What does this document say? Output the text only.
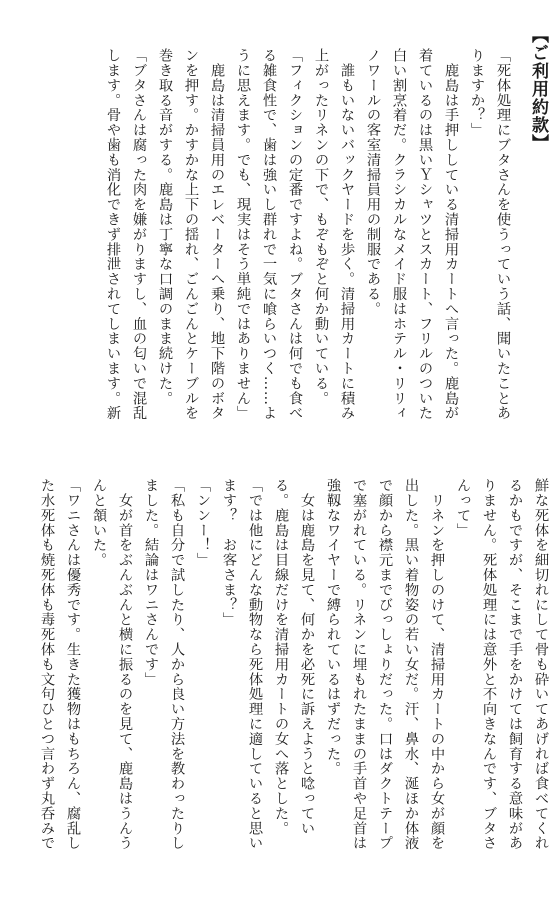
【ご利用約款】
「死体処理にブタさんを使うっていう話、聞いたことあ
りますか？」
　鹿島は手押ししている清掃用カートへ言った。鹿島が
着ているのは黒いＹシャツとスカート、フリルのついた
白い割烹着だ。クラシカルなメイド服はホテル・リリィ
ノワールの客室清掃員用の制服である。
　誰もいないバックヤードを歩く。清掃用カートに積み
上がったリネンの下で、もぞもぞと何か動いている。
「フィクションの定番ですよね。ブタさんは何でも食べ
る雑食性で、歯は強いし群れで一気に喰らいつく……よ
うに思えます。でも、現実はそう単純ではありません」
　鹿島は清掃員用のエレベーターへ乗り、地下階のボタ
ンを押す。かすかな上下の揺れ、ごんごんとケーブルを
巻き取る音がする。鹿島は丁寧な口調のまま続けた。
「ブタさんは腐った肉を嫌がりますし、血の匂いで混乱
します。骨や歯も消化できず排泄されてしまいます。新
鮮な死体を細切れにして骨も砕いてあげれば食べてくれ
るかもですが、そこまで手をかけては飼育する意味があ
りません。死体処理には意外と不向きなんです、ブタさ
んって」
　リネンを押しのけて、清掃用カートの中から女が顔を
出した。黒い着物姿の若い女だ。汗、鼻水、涎ほか体液
で顔から襟元までびっしょりだった。口はダクトテープ
で塞がれている。リネンに埋もれたままの手首や足首は
強靱なワイヤーで縛られているはずだった。
　女は鹿島を見て、何かを必死に訴えようと唸ってい
る。鹿島は目線だけを清掃用カートの女へ落とした。
「では他にどんな動物なら死体処理に適していると思い
ます？　お客さま？」
「ンンー！」
「私も自分で試したり、人から良い方法を教わったりし
ました。結論はワニさんです」
　女が首をぶんぶんと横に振るのを見て、鹿島はうんう
んと頷いた。
「ワニさんは優秀です。生きた獲物はもちろん、腐乱し
た水死体も焼死体も毒死体も文句ひとつ言わず丸呑みで
